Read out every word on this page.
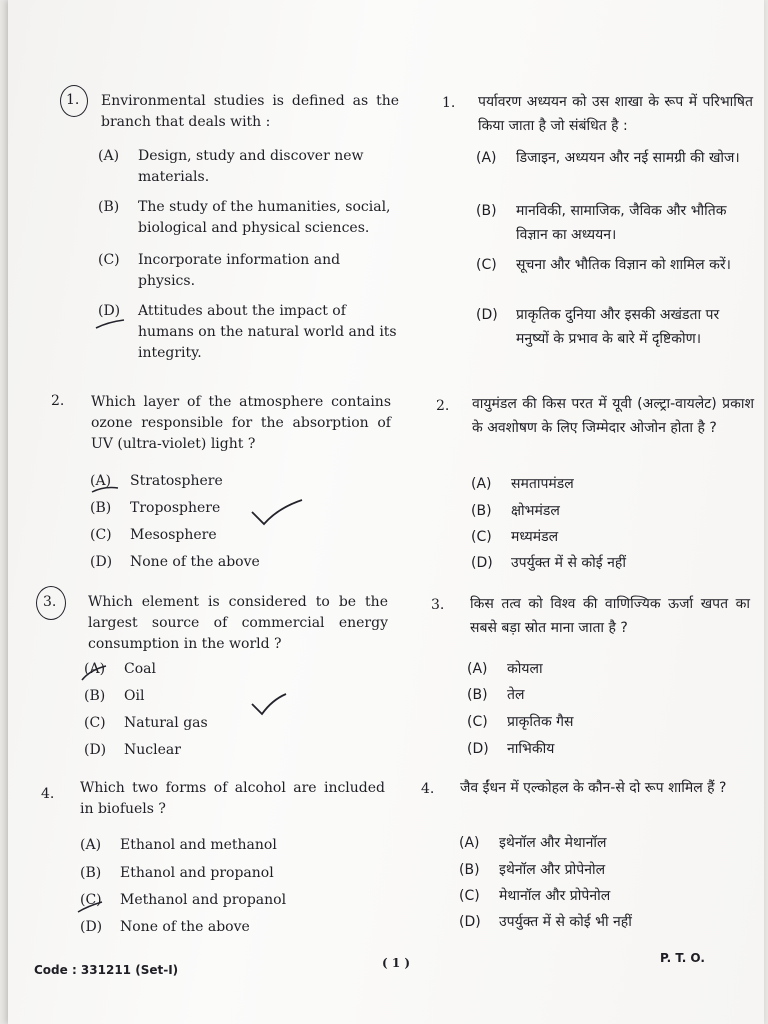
1. Environmental studies is defined as the branch that deals with :
(A) Design, study and discover new materials.
(B) The study of the humanities, social, biological and physical sciences.
(C) Incorporate information and physics.
(D) Attitudes about the impact of humans on the natural world and its integrity.
2. Which layer of the atmosphere contains ozone responsible for the absorption of UV (ultra-violet) light ?
(A) Stratosphere
(B) Troposphere
(C) Mesosphere
(D) None of the above
3. Which element is considered to be the largest source of commercial energy consumption in the world ?
(A) Coal
(B) Oil
(C) Natural gas
(D) Nuclear
4. Which two forms of alcohol are included in biofuels ?
(A) Ethanol and methanol
(B) Ethanol and propanol
(C) Methanol and propanol
(D) None of the above
1. पर्यावरण अध्ययन को उस शाखा के रूप में परिभाषित किया जाता है जो संबंधित है :
(A) डिजाइन, अध्ययन और नई सामग्री की खोज।
(B) मानविकी, सामाजिक, जैविक और भौतिक विज्ञान का अध्ययन।
(C) सूचना और भौतिक विज्ञान को शामिल करें।
(D) प्राकृतिक दुनिया और इसकी अखंडता पर मनुष्यों के प्रभाव के बारे में दृष्टिकोण।
2. वायुमंडल की किस परत में यूवी (अल्ट्रा-वायलेट) प्रकाश के अवशोषण के लिए जिम्मेदार ओजोन होता है ?
(A) समतापमंडल
(B) क्षोभमंडल
(C) मध्यमंडल
(D) उपर्युक्त में से कोई नहीं
3. किस तत्व को विश्व की वाणिज्यिक ऊर्जा खपत का सबसे बड़ा स्रोत माना जाता है ?
(A) कोयला
(B) तेल
(C) प्राकृतिक गैस
(D) नाभिकीय
4. जैव ईंधन में एल्कोहल के कौन-से दो रूप शामिल हैं ?
(A) इथेनॉल और मेथानॉल
(B) इथेनॉल और प्रोपेनोल
(C) मेथानॉल और प्रोपेनोल
(D) उपर्युक्त में से कोई भी नहीं
Code : 331211 (Set-I)	( 1 )	P. T. O.
